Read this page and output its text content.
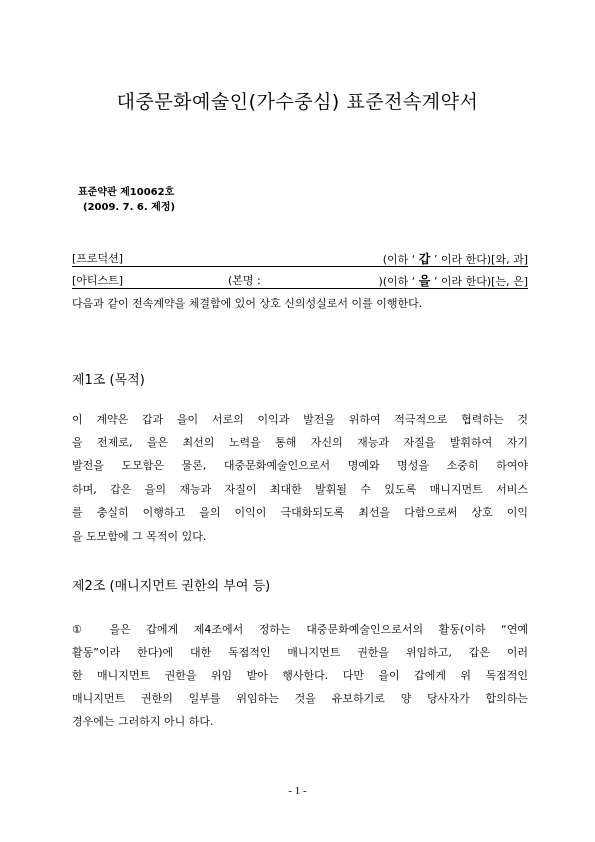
대중문화예술인(가수중심) 표준전속계약서
표준약관 제10062호
(2009. 7. 6. 제정)
[프로덕션]	(이하 ‘ 갑 ’ 이라 한다)[와, 과]
[아티스트]	(본명 :	)(이하 ‘ 을 ’ 이라 한다)[는, 은]
다음과 같이 전속계약을 체결함에 있어 상호 신의성실로서 이를 이행한다.
제1조 (목적)
이 계약은 갑과 을이 서로의 이익과 발전을 위하여 적극적으로 협력하는 것
을 전제로, 을은 최선의 노력을 통해 자신의 재능과 자질을 발휘하여 자기
발전을 도모함은 물론, 대중문화예술인으로서 명예와 명성을 소중히 하여야
하며, 갑은 을의 재능과 자질이 최대한 발휘될 수 있도록 매니지먼트 서비스
를 충실히 이행하고 을의 이익이 극대화되도록 최선을 다함으로써 상호 이익
을 도모함에 그 목적이 있다.
제2조 (매니지먼트 권한의 부여 등)
① 을은 갑에게 제4조에서 정하는 대중문화예술인으로서의 활동(이하 “연예
활동”이라 한다)에 대한 독점적인 매니지먼트 권한을 위임하고, 갑은 이러
한 매니지먼트 권한을 위임 받아 행사한다. 다만 을이 갑에게 위 독점적인
매니지먼트 권한의 일부를 위임하는 것을 유보하기로 양 당사자가 합의하는
경우에는 그러하지 아니 하다.
- 1 -
